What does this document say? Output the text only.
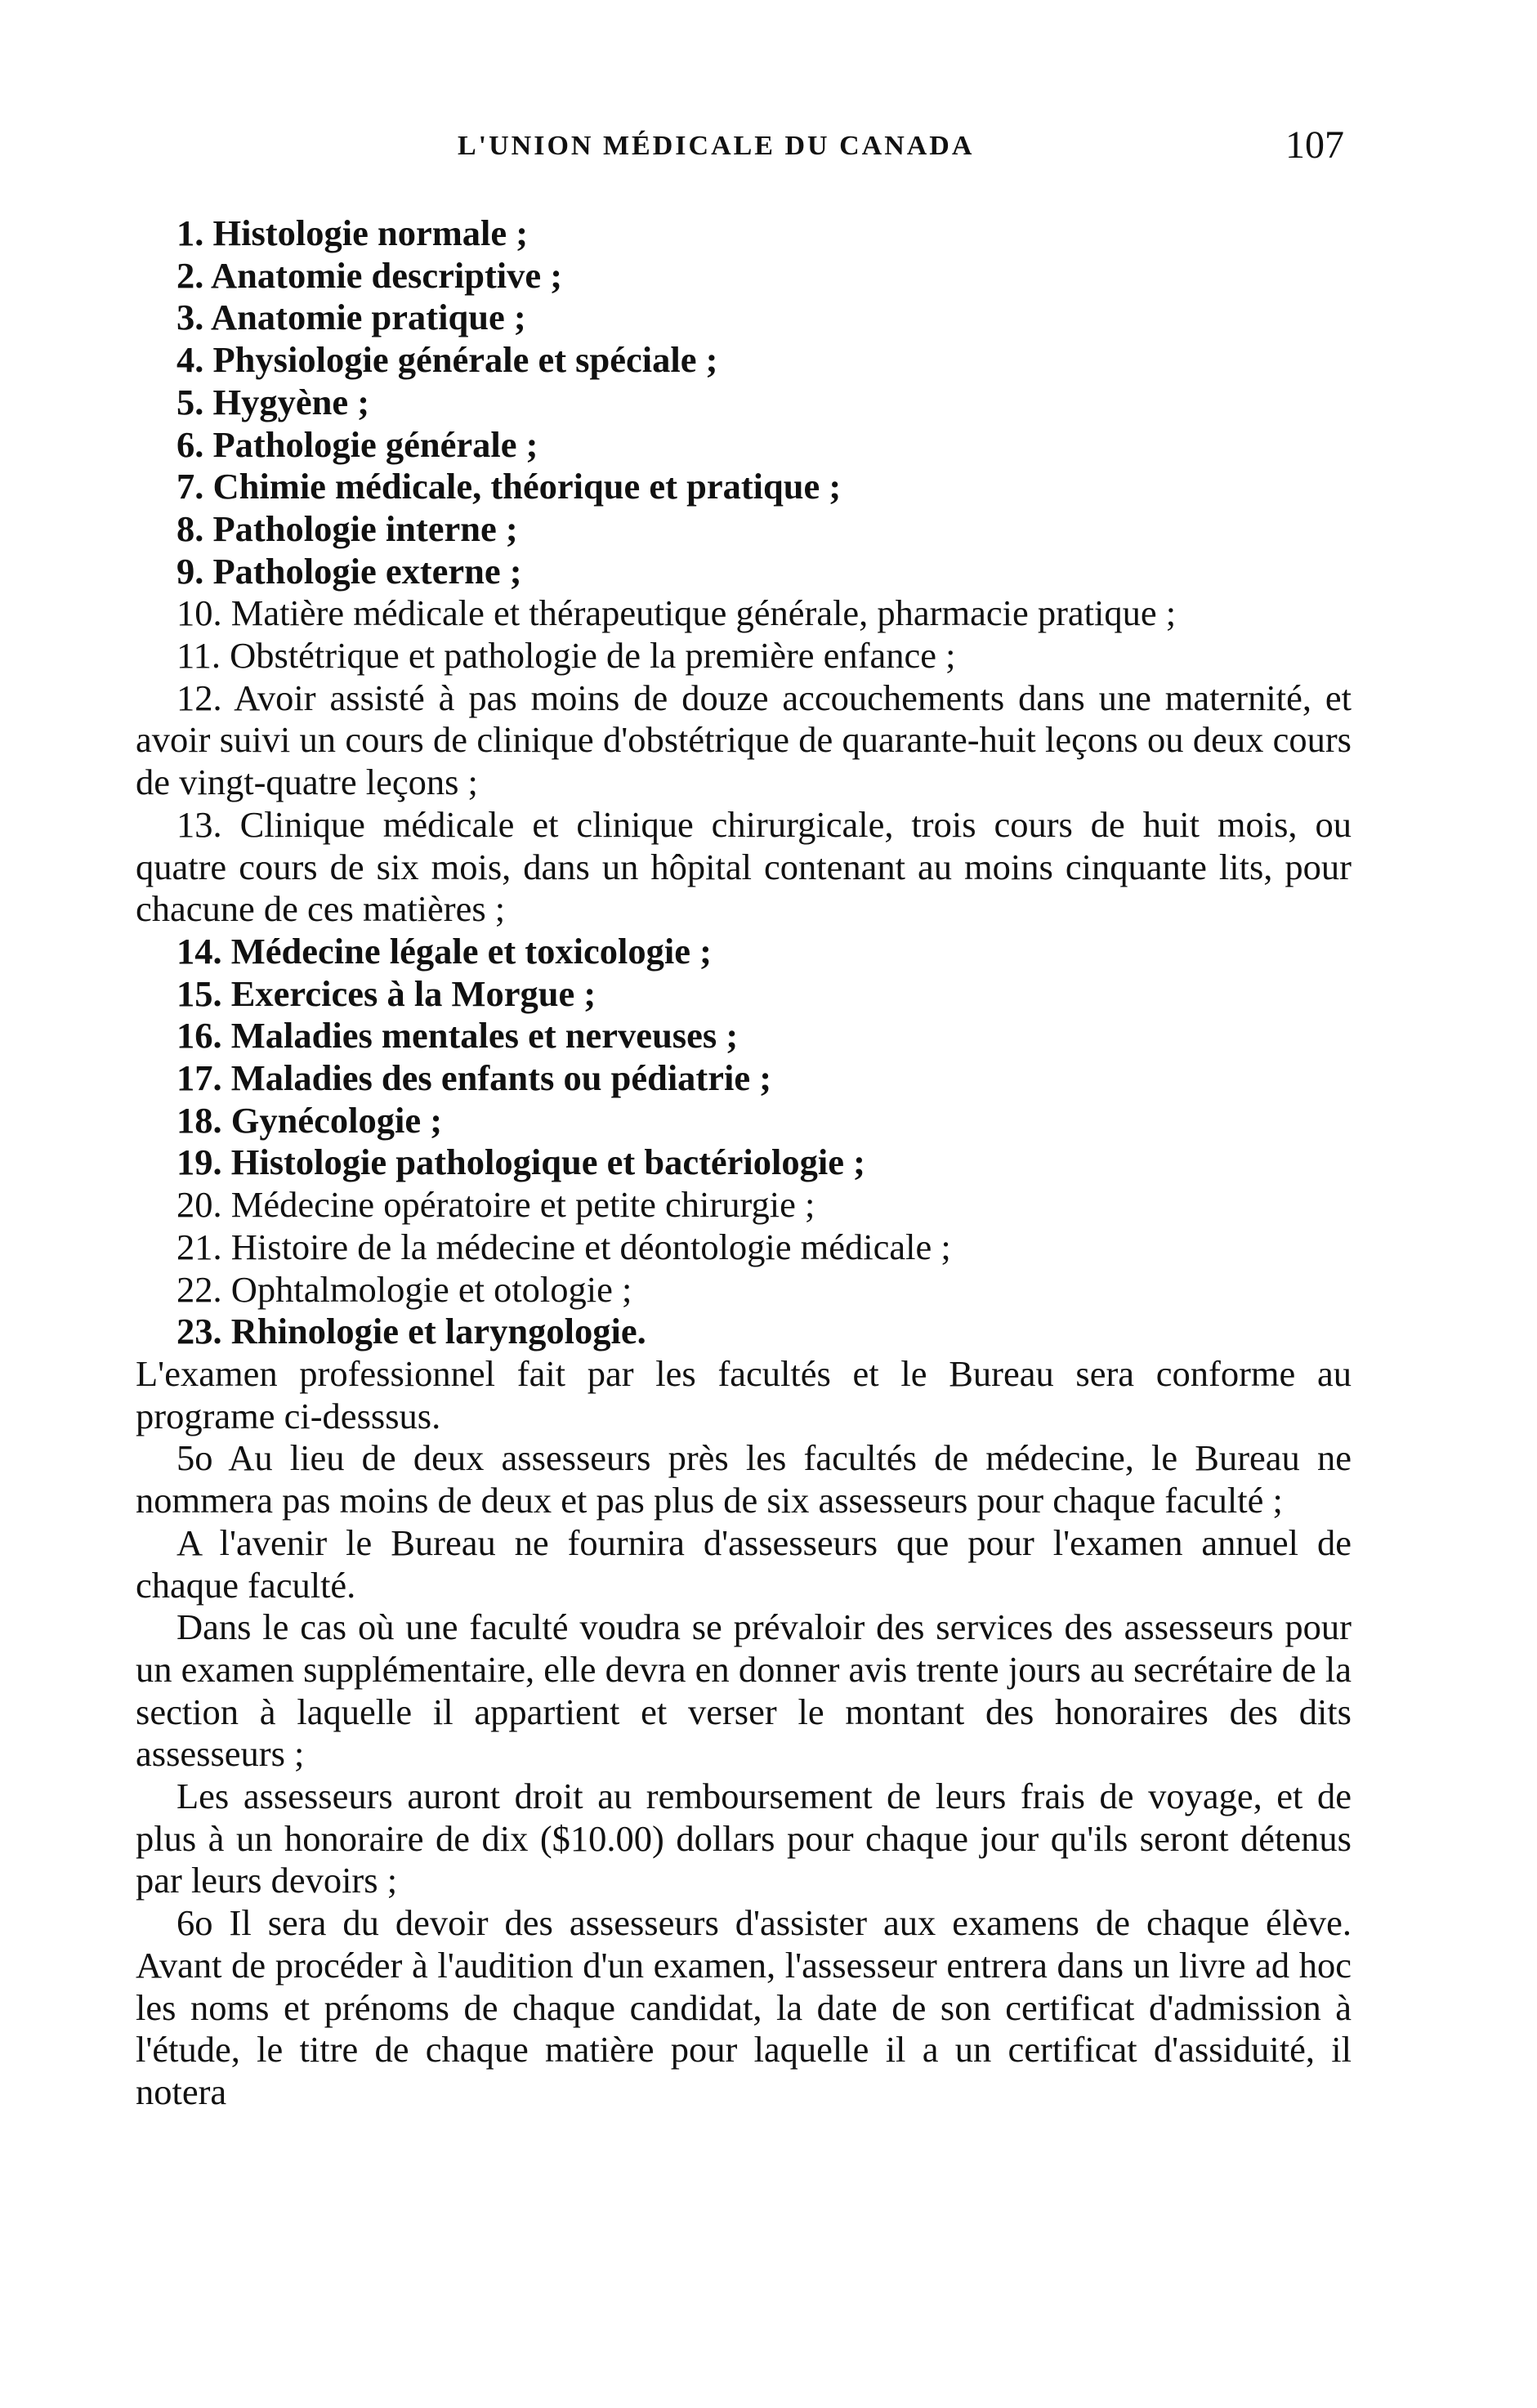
L'UNION MÉDICALE DU CANADA	107

1. Histologie normale ;

2. Anatomie descriptive ;

3. Anatomie pratique ;

4. Physiologie générale et spéciale ;

5. Hygyène ;

6. Pathologie générale ;

7. Chimie médicale, théorique et pratique ;

8. Pathologie interne ;

9. Pathologie externe ;

10. Matière médicale et thérapeutique générale, pharmacie pratique ;

11. Obstétrique et pathologie de la première enfance ;

12. Avoir assisté à pas moins de douze accouchements dans une maternité, et avoir suivi un cours de clinique d'obstétrique de quarante-huit leçons ou deux cours de vingt-quatre leçons ;

13. Clinique médicale et clinique chirurgicale, trois cours de huit mois, ou quatre cours de six mois, dans un hôpital contenant au moins cinquante lits, pour chacune de ces matières ;

14. Médecine légale et toxicologie ;

15. Exercices à la Morgue ;

16. Maladies mentales et nerveuses ;

17. Maladies des enfants ou pédiatrie ;

18. Gynécologie ;

19. Histologie pathologique et bactériologie ;

20. Médecine opératoire et petite chirurgie ;

21. Histoire de la médecine et déontologie médicale ;

22. Ophtalmologie et otologie ;

23. Rhinologie et laryngologie.

L'examen professionnel fait par les facultés et le Bureau sera conforme au programe ci-desssus.

5o Au lieu de deux assesseurs près les facultés de médecine, le Bureau ne nommera pas moins de deux et pas plus de six assesseurs pour chaque faculté ;

A l'avenir le Bureau ne fournira d'assesseurs que pour l'examen annuel de chaque faculté.

Dans le cas où une faculté voudra se prévaloir des services des assesseurs pour un examen supplémentaire, elle devra en donner avis trente jours au secrétaire de la section à laquelle il appartient et verser le montant des honoraires des dits assesseurs ;

Les assesseurs auront droit au remboursement de leurs frais de voyage, et de plus à un honoraire de dix ($10.00) dollars pour chaque jour qu'ils seront détenus par leurs devoirs ;

6o Il sera du devoir des assesseurs d'assister aux examens de chaque élève. Avant de procéder à l'audition d'un examen, l'assesseur entrera dans un livre ad hoc les noms et prénoms de chaque candidat, la date de son certificat d'admission à l'étude, le titre de chaque matière pour laquelle il a un certificat d'assiduité, il notera
